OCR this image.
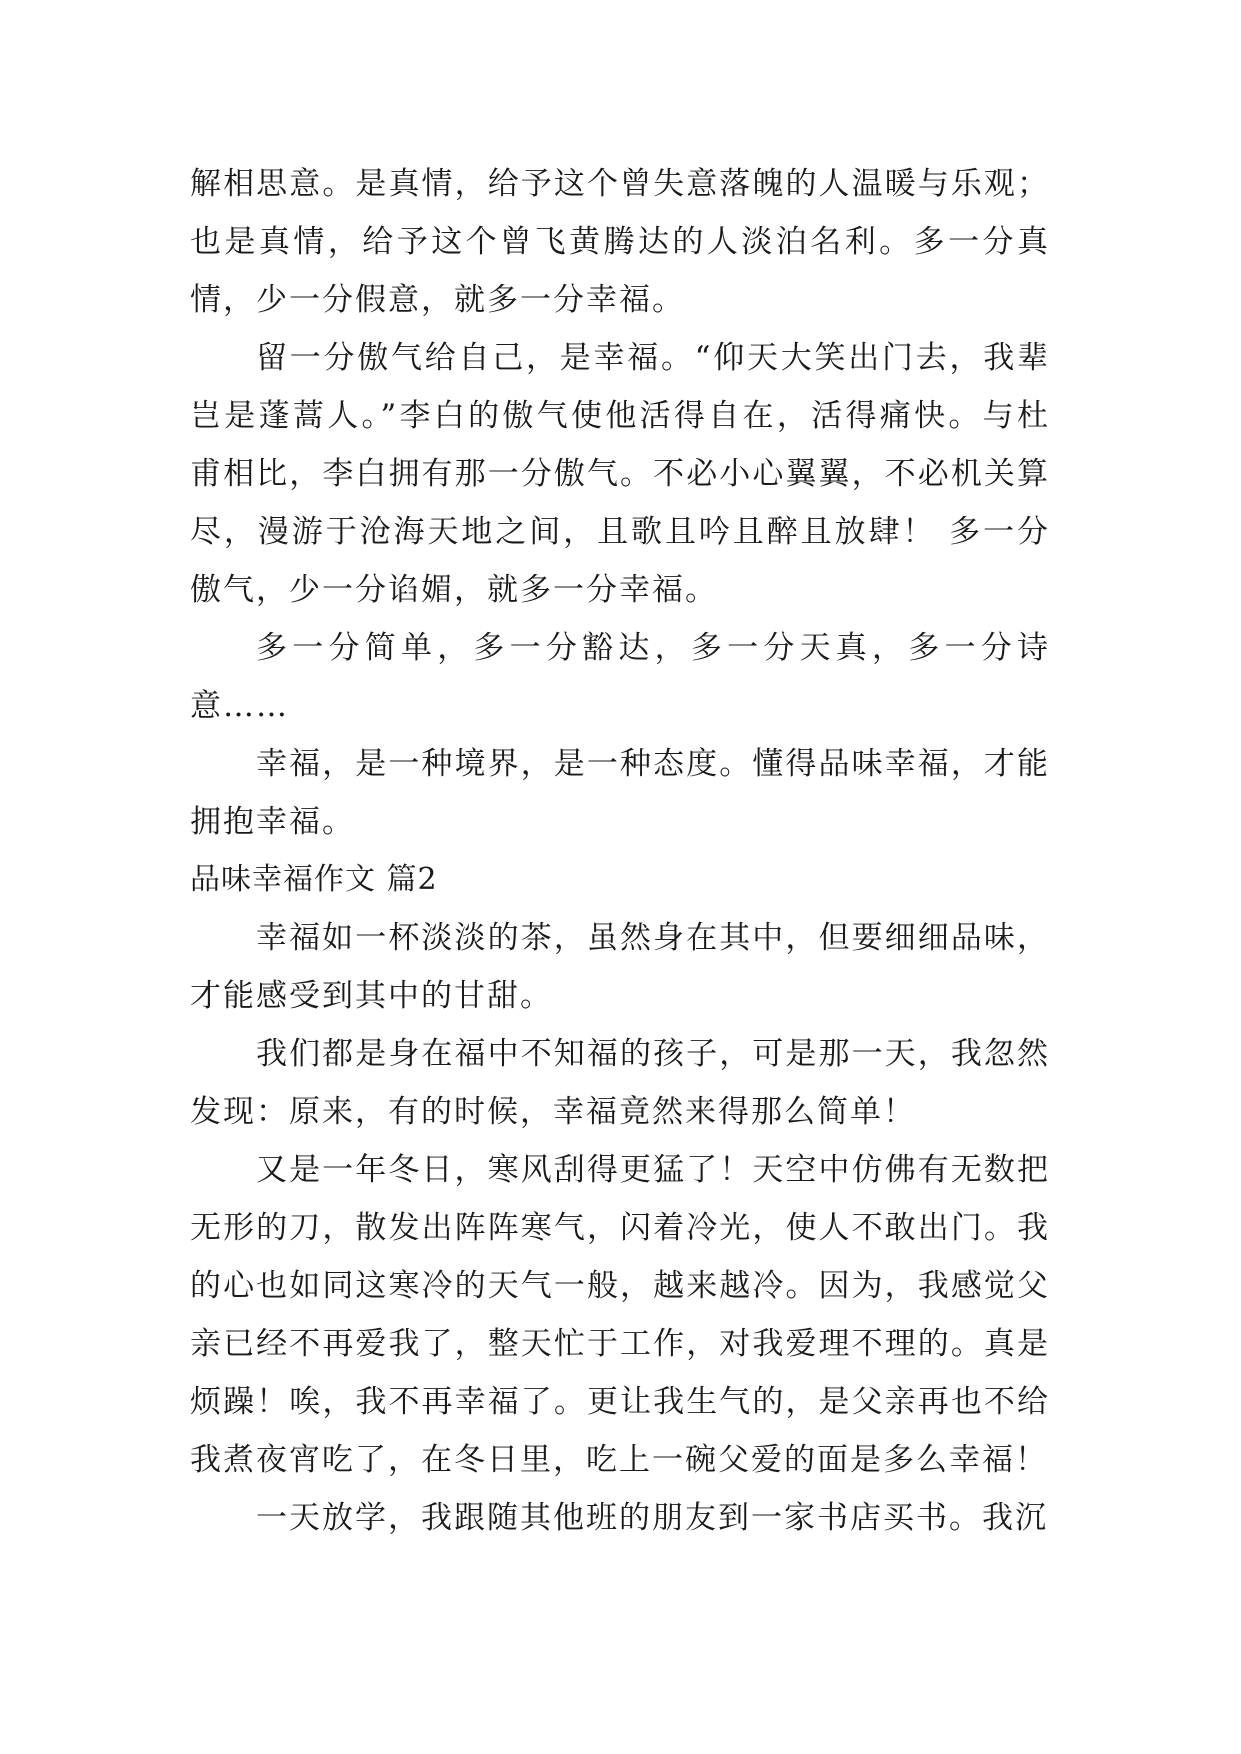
解相思意。是真情，给予这个曾失意落魄的人温暖与乐观；也是真情，给予这个曾飞黄腾达的人淡泊名利。多一分真情，少一分假意，就多一分幸福。

留一分傲气给自己，是幸福。“仰天大笑出门去，我辈岂是蓬蒿人。”李白的傲气使他活得自在，活得痛快。与杜甫相比，李白拥有那一分傲气。不必小心翼翼，不必机关算尽，漫游于沧海天地之间，且歌且吟且醉且放肆！ 多一分傲气，少一分谄媚，就多一分幸福。

多一分简单，多一分豁达，多一分天真，多一分诗意……

幸福，是一种境界，是一种态度。懂得品味幸福，才能拥抱幸福。

品味幸福作文 篇2

幸福如一杯淡淡的茶，虽然身在其中，但要细细品味，才能感受到其中的甘甜。

我们都是身在福中不知福的孩子，可是那一天，我忽然发现：原来，有的时候，幸福竟然来得那么简单！

又是一年冬日，寒风刮得更猛了！天空中仿佛有无数把无形的刀，散发出阵阵寒气，闪着冷光，使人不敢出门。我的心也如同这寒冷的天气一般，越来越冷。因为，我感觉父亲已经不再爱我了，整天忙于工作，对我爱理不理的。真是烦躁！唉，我不再幸福了。更让我生气的，是父亲再也不给我煮夜宵吃了，在冬日里，吃上一碗父爱的面是多么幸福！

一天放学，我跟随其他班的朋友到一家书店买书。我沉
